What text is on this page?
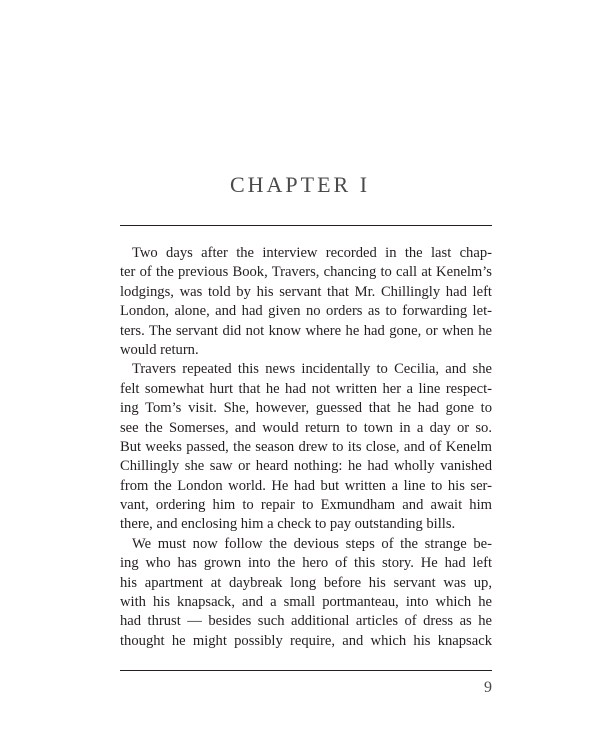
CHAPTER I
Two days after the interview recorded in the last chap-
ter of the previous Book, Travers, chancing to call at Kenelm’s
lodgings, was told by his servant that Mr. Chillingly had left
London, alone, and had given no orders as to forwarding let-
ters. The servant did not know where he had gone, or when he
would return.
Travers repeated this news incidentally to Cecilia, and she
felt somewhat hurt that he had not written her a line respect-
ing Tom’s visit. She, however, guessed that he had gone to
see the Somerses, and would return to town in a day or so.
But weeks passed, the season drew to its close, and of Kenelm
Chillingly she saw or heard nothing: he had wholly vanished
from the London world. He had but written a line to his ser-
vant, ordering him to repair to Exmundham and await him
there, and enclosing him a check to pay outstanding bills.
We must now follow the devious steps of the strange be-
ing who has grown into the hero of this story. He had left
his apartment at daybreak long before his servant was up,
with his knapsack, and a small portmanteau, into which he
had thrust — besides such additional articles of dress as he
thought he might possibly require, and which his knapsack
9
